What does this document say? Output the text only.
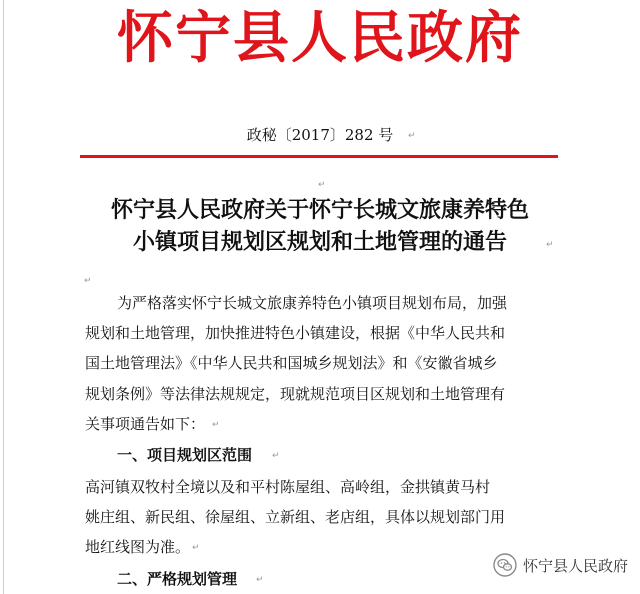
怀宁县人民政府
政秘〔2017〕282 号	↵
↵
怀宁县人民政府关于怀宁长城文旅康养特色
小镇项目规划区规划和土地管理的通告	↵
↵
为严格落实怀宁长城文旅康养特色小镇项目规划布局，加强
规划和土地管理，加快推进特色小镇建设，根据《中华人民共和
国土地管理法》《中华人民共和国城乡规划法》和《安徽省城乡
规划条例》等法律法规规定，现就规范项目区规划和土地管理有
关事项通告如下： ↵
一、项目规划区范围 ↵
高河镇双牧村全境以及和平村陈屋组、高岭组，金拱镇黄马村
姚庄组、新民组、徐屋组、立新组、老店组，具体以规划部门用
地红线图为准。 ↵
二、严格规划管理 ↵
怀宁县人民政府
